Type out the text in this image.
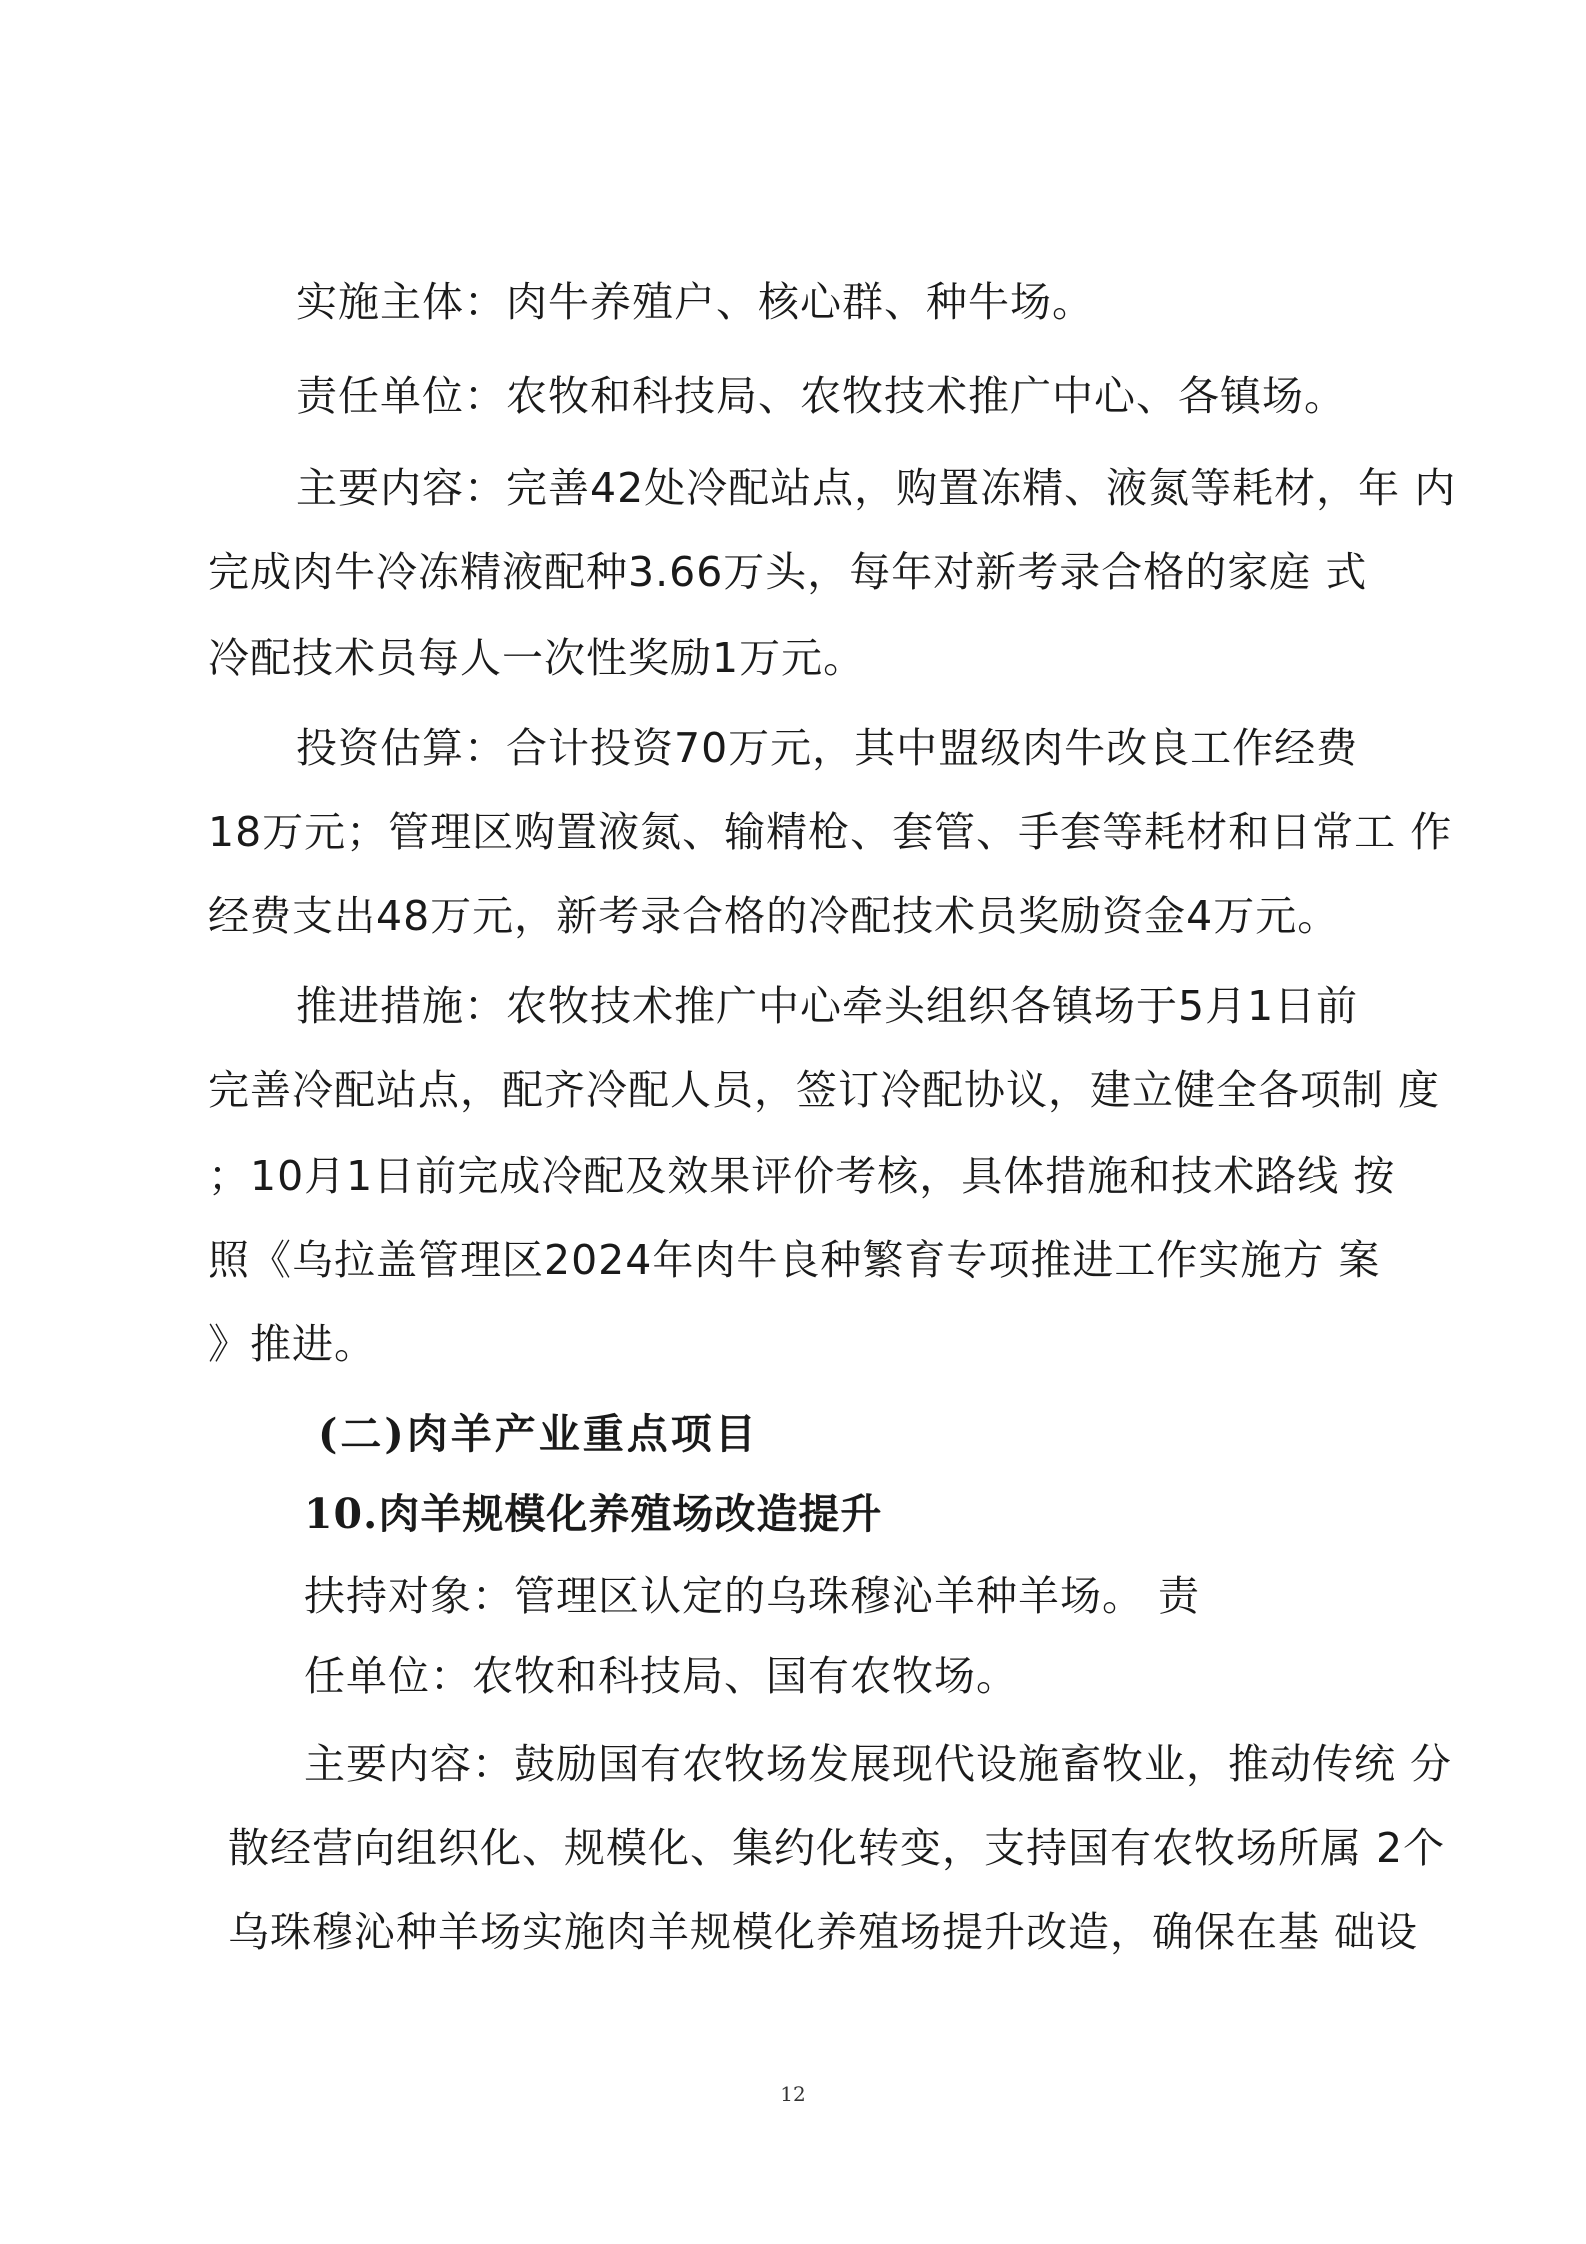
实施主体：肉牛养殖户、核心群、种牛场。
责任单位：农牧和科技局、农牧技术推广中心、各镇场。
主要内容：完善42处冷配站点，购置冻精、液氮等耗材，年 内
完成肉牛冷冻精液配种3.66万头，每年对新考录合格的家庭 式
冷配技术员每人一次性奖励1万元。
投资估算：合计投资70万元，其中盟级肉牛改良工作经费
18万元；管理区购置液氮、输精枪、套管、手套等耗材和日常工 作
经费支出48万元，新考录合格的冷配技术员奖励资金4万元。
推进措施：农牧技术推广中心牵头组织各镇场于5月1日前
完善冷配站点，配齐冷配人员，签订冷配协议，建立健全各项制 度
；10月1日前完成冷配及效果评价考核，具体措施和技术路线 按
照《乌拉盖管理区2024年肉牛良种繁育专项推进工作实施方 案
》推进。
(二)肉羊产业重点项目
10.肉羊规模化养殖场改造提升
扶持对象：管理区认定的乌珠穆沁羊种羊场。 责
任单位：农牧和科技局、国有农牧场。
主要内容：鼓励国有农牧场发展现代设施畜牧业，推动传统 分
散经营向组织化、规模化、集约化转变，支持国有农牧场所属 2个
乌珠穆沁种羊场实施肉羊规模化养殖场提升改造，确保在基 础设
12
